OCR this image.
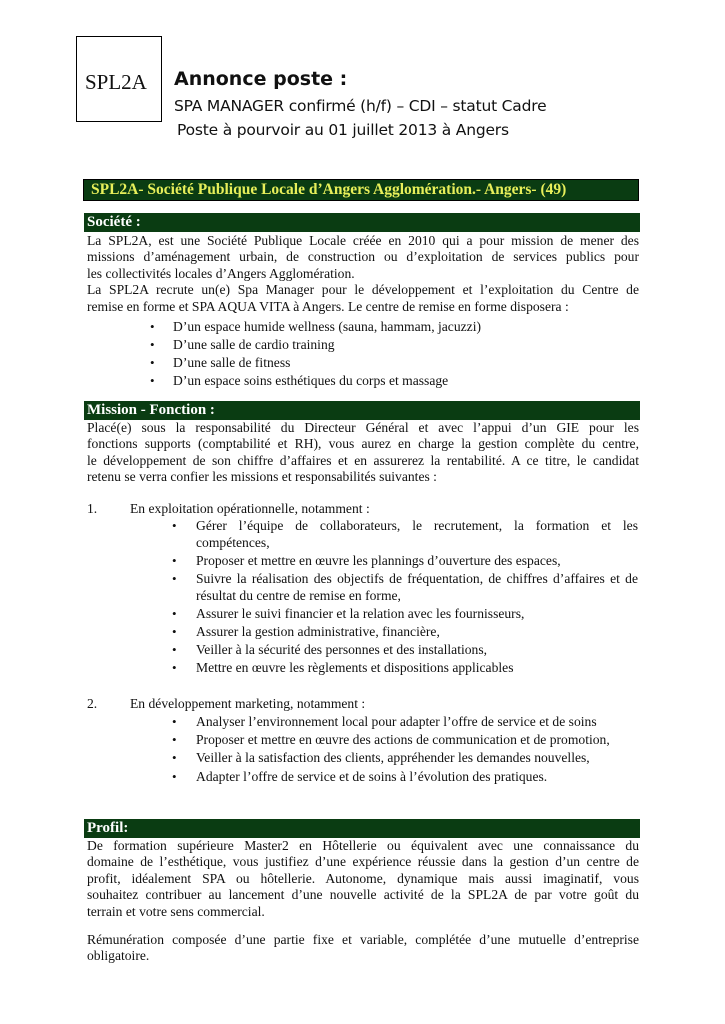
SPL2A Annonce poste :
SPA MANAGER confirmé (h/f) – CDI – statut Cadre
Poste à pourvoir au 01 juillet 2013 à Angers
SPL2A- Société Publique Locale d’Angers Agglomération.- Angers- (49)
Société :
La SPL2A, est une Société Publique Locale créée en 2010 qui a pour mission de mener des
missions d’aménagement urbain, de construction ou d’exploitation de services publics pour
les collectivités locales d’Angers Agglomération.
La SPL2A recrute un(e) Spa Manager pour le développement et l’exploitation du Centre de
remise en forme et SPA AQUA VITA à Angers. Le centre de remise en forme disposera :
• D’un espace humide wellness (sauna, hammam, jacuzzi)
• D’une salle de cardio training
• D’une salle de fitness
• D’un espace soins esthétiques du corps et massage
Mission - Fonction :
Placé(e) sous la responsabilité du Directeur Général et avec l’appui d’un GIE pour les
fonctions supports (comptabilité et RH), vous aurez en charge la gestion complète du centre,
le développement de son chiffre d’affaires et en assurerez la rentabilité. A ce titre, le candidat
retenu se verra confier les missions et responsabilités suivantes :
1. En exploitation opérationnelle, notamment :
• Gérer l’équipe de collaborateurs, le recrutement, la formation et les compétences,
• Proposer et mettre en œuvre les plannings d’ouverture des espaces,
• Suivre la réalisation des objectifs de fréquentation, de chiffres d’affaires et de résultat du centre de remise en forme,
• Assurer le suivi financier et la relation avec les fournisseurs,
• Assurer la gestion administrative, financière,
• Veiller à la sécurité des personnes et des installations,
• Mettre en œuvre les règlements et dispositions applicables
2. En développement marketing, notamment :
• Analyser l’environnement local pour adapter l’offre de service et de soins
• Proposer et mettre en œuvre des actions de communication et de promotion,
• Veiller à la satisfaction des clients, appréhender les demandes nouvelles,
• Adapter l’offre de service et de soins à l’évolution des pratiques.
Profil:
De formation supérieure Master2 en Hôtellerie ou équivalent avec une connaissance du
domaine de l’esthétique, vous justifiez d’une expérience réussie dans la gestion d’un centre de
profit, idéalement SPA ou hôtellerie. Autonome, dynamique mais aussi imaginatif, vous
souhaitez contribuer au lancement d’une nouvelle activité de la SPL2A de par votre goût du
terrain et votre sens commercial.
Rémunération composée d’une partie fixe et variable, complétée d’une mutuelle d’entreprise
obligatoire.
